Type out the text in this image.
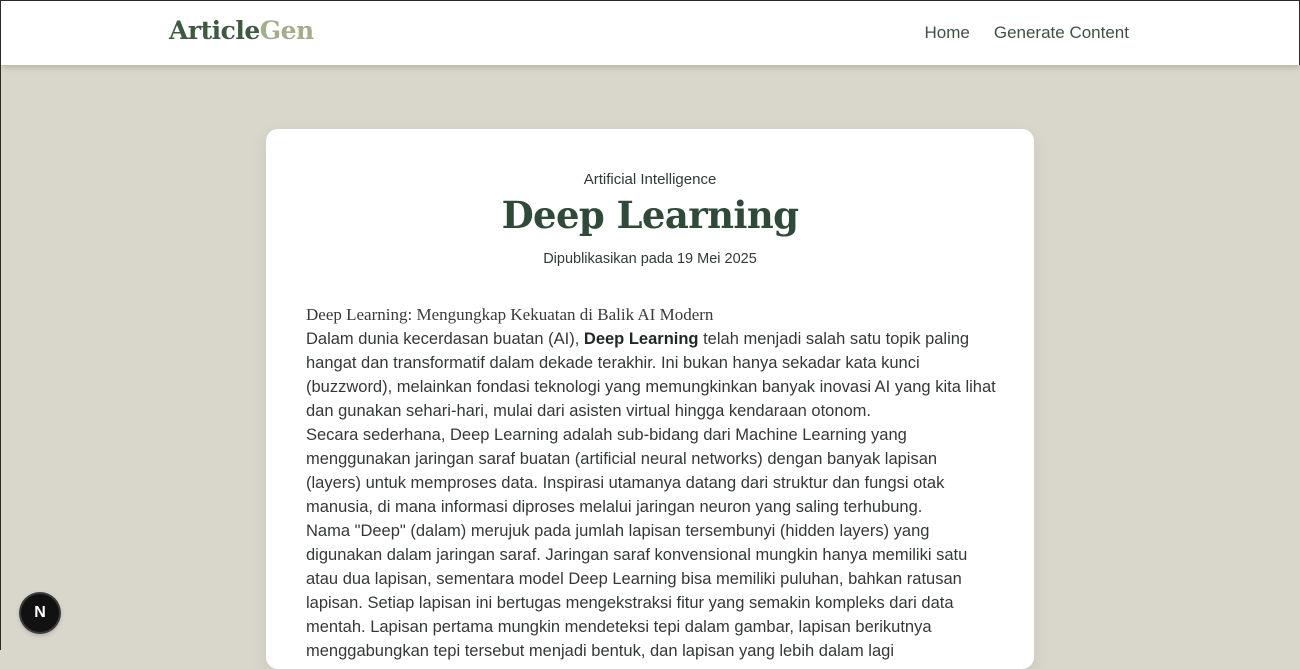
ArticleGen	Home Generate Content
Artificial Intelligence
Deep Learning
Dipublikasikan pada 19 Mei 2025
Deep Learning: Mengungkap Kekuatan di Balik AI Modern

Dalam dunia kecerdasan buatan (AI), Deep Learning telah menjadi salah satu topik paling hangat dan transformatif dalam dekade terakhir. Ini bukan hanya sekadar kata kunci (buzzword), melainkan fondasi teknologi yang memungkinkan banyak inovasi AI yang kita lihat dan gunakan sehari-hari, mulai dari asisten virtual hingga kendaraan otonom.

Secara sederhana, Deep Learning adalah sub-bidang dari Machine Learning yang menggunakan jaringan saraf buatan (artificial neural networks) dengan banyak lapisan (layers) untuk memproses data. Inspirasi utamanya datang dari struktur dan fungsi otak manusia, di mana informasi diproses melalui jaringan neuron yang saling terhubung.

Nama "Deep" (dalam) merujuk pada jumlah lapisan tersembunyi (hidden layers) yang digunakan dalam jaringan saraf. Jaringan saraf konvensional mungkin hanya memiliki satu atau dua lapisan, sementara model Deep Learning bisa memiliki puluhan, bahkan ratusan lapisan. Setiap lapisan ini bertugas mengekstraksi fitur yang semakin kompleks dari data mentah. Lapisan pertama mungkin mendeteksi tepi dalam gambar, lapisan berikutnya menggabungkan tepi tersebut menjadi bentuk, dan lapisan yang lebih dalam lagi

N
